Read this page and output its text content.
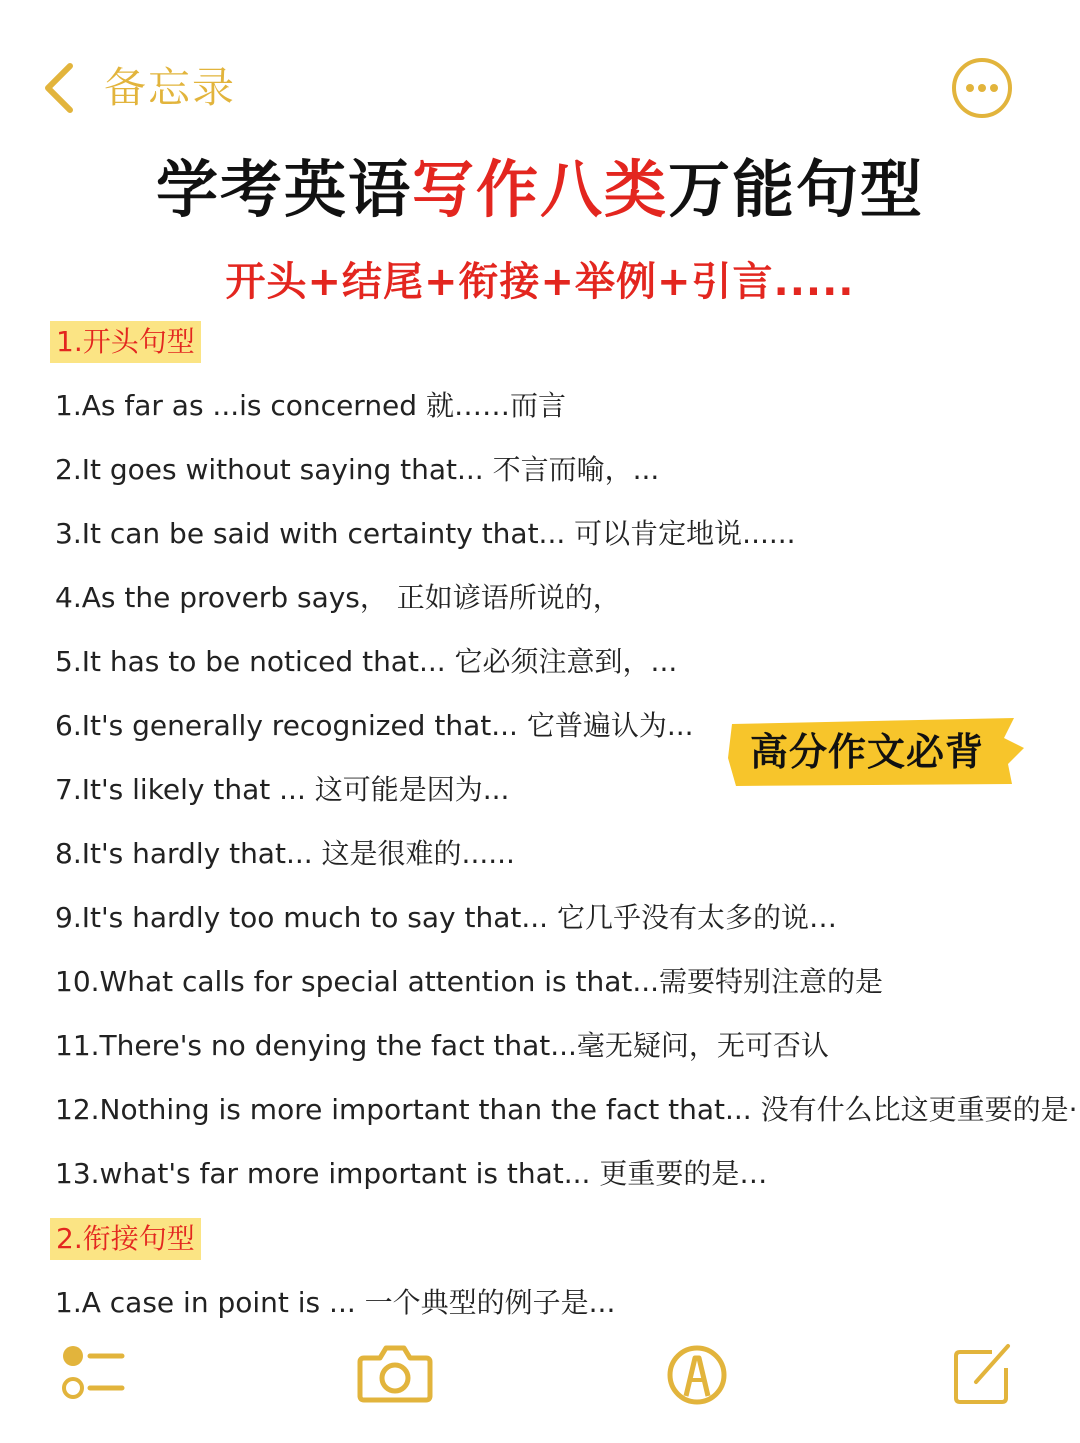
备忘录
学考英语写作八类万能句型
开头+结尾+衔接+举例+引言.....
1.开头句型
1.As far as ...is concerned 就……而言
2.It goes without saying that... 不言而喻，...
3.It can be said with certainty that... 可以肯定地说......
4.As the proverb says， 正如谚语所说的，
5.It has to be noticed that... 它必须注意到，...
6.It's generally recognized that... 它普遍认为...
7.It's likely that ... 这可能是因为...
8.It's hardly that... 这是很难的......
9.It's hardly too much to say that... 它几乎没有太多的说…
10.What calls for special attention is that...需要特别注意的是
11.There's no denying the fact that...毫无疑问，无可否认
12.Nothing is more important than the fact that... 没有什么比这更重要的是·
13.what's far more important is that... 更重要的是…
2.衔接句型
1.A case in point is ... 一个典型的例子是...
高分作文必背
